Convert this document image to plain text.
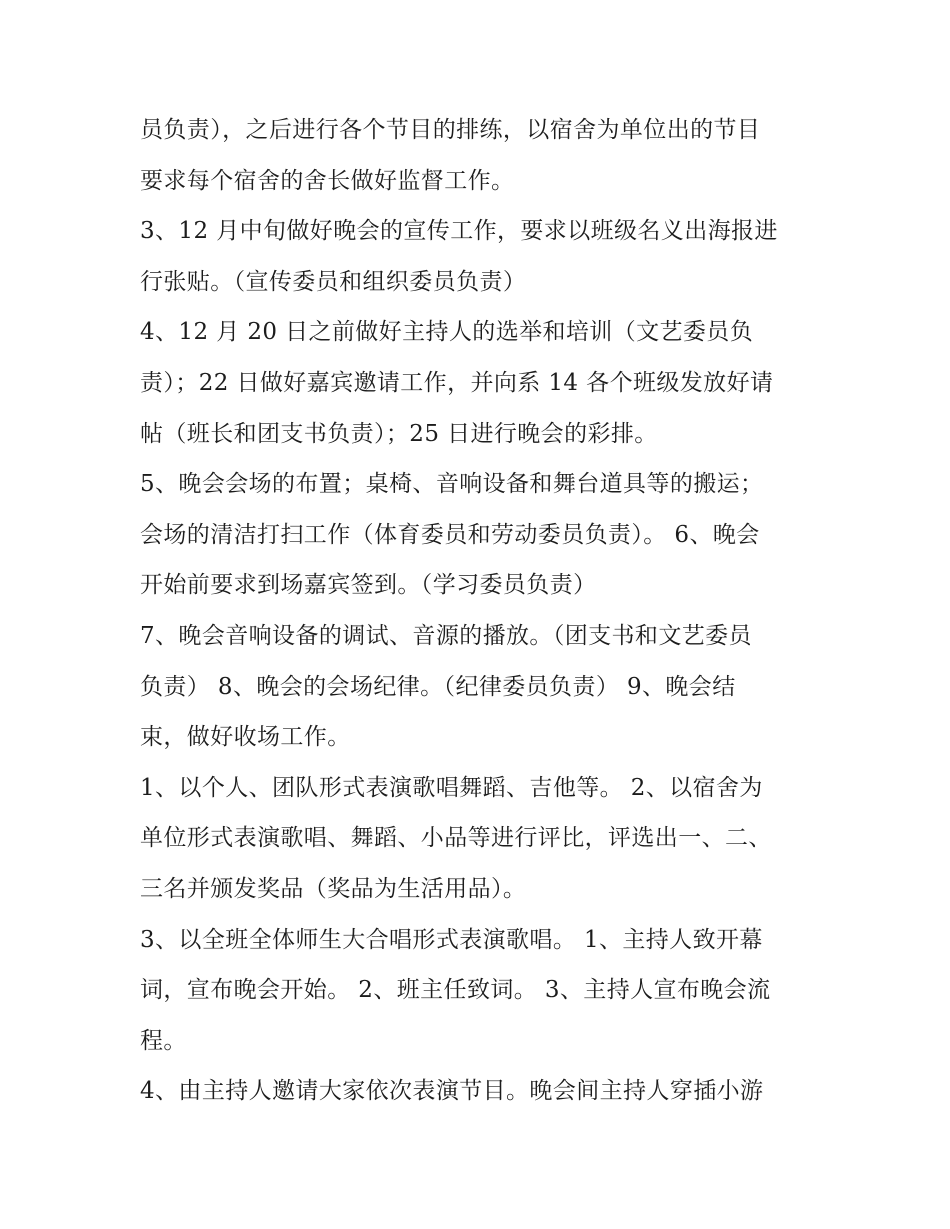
员负责），之后进行各个节目的排练，以宿舍为单位出的节目
要求每个宿舍的舍长做好监督工作。
3、12 月中旬做好晚会的宣传工作，要求以班级名义出海报进
行张贴。（宣传委员和组织委员负责）
4、12 月 20 日之前做好主持人的选举和培训（文艺委员负
责）；22 日做好嘉宾邀请工作，并向系 14 各个班级发放好请
帖（班长和团支书负责）；25 日进行晚会的彩排。
5、晚会会场的布置；桌椅、音响设备和舞台道具等的搬运；
会场的清洁打扫工作（体育委员和劳动委员负责）。 6、晚会
开始前要求到场嘉宾签到。（学习委员负责）
7、晚会音响设备的调试、音源的播放。（团支书和文艺委员
负责） 8、晚会的会场纪律。（纪律委员负责） 9、晚会结
束，做好收场工作。
1、以个人、团队形式表演歌唱舞蹈、吉他等。 2、以宿舍为
单位形式表演歌唱、舞蹈、小品等进行评比，评选出一、二、
三名并颁发奖品（奖品为生活用品）。
3、以全班全体师生大合唱形式表演歌唱。 1、主持人致开幕
词，宣布晚会开始。 2、班主任致词。 3、主持人宣布晚会流
程。
4、由主持人邀请大家依次表演节目。晚会间主持人穿插小游
